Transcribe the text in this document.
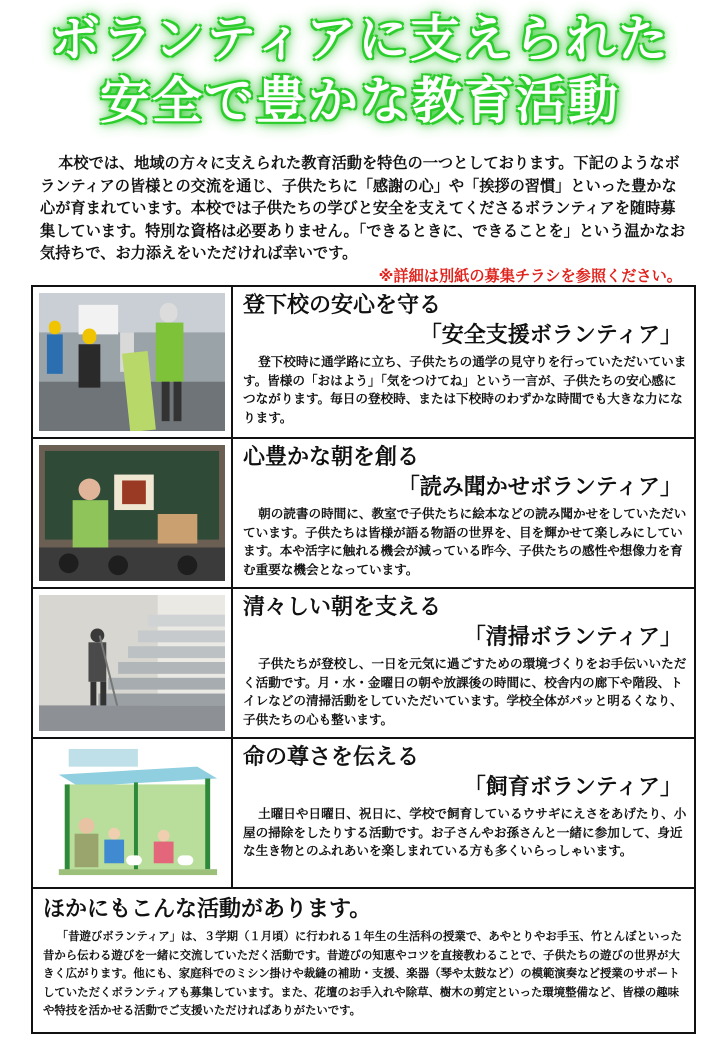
ボランティアに支えられた
安全で豊かな教育活動
本校では、地域の方々に支えられた教育活動を特色の一つとしております。下記のようなボランティアの皆様との交流を通じ、子供たちに「感謝の心」や「挨拶の習慣」といった豊かな心が育まれています。本校では子供たちの学びと安全を支えてくださるボランティアを随時募集しています。特別な資格は必要ありません。「できるときに、できることを」という温かなお気持ちで、お力添えをいただければ幸いです。
※詳細は別紙の募集チラシを参照ください。
登下校の安心を守る
「安全支援ボランティア」
登下校時に通学路に立ち、子供たちの通学の見守りを行っていただいています。皆様の「おはよう」「気をつけてね」という一言が、子供たちの安心感につながります。毎日の登校時、または下校時のわずかな時間でも大きな力になります。
心豊かな朝を創る
「読み聞かせボランティア」
朝の読書の時間に、教室で子供たちに絵本などの読み聞かせをしていただいています。子供たちは皆様が語る物語の世界を、目を輝かせて楽しみにしています。本や活字に触れる機会が減っている昨今、子供たちの感性や想像力を育む重要な機会となっています。
清々しい朝を支える
「清掃ボランティア」
子供たちが登校し、一日を元気に過ごすための環境づくりをお手伝いいただく活動です。月・水・金曜日の朝や放課後の時間に、校舎内の廊下や階段、トイレなどの清掃活動をしていただいています。学校全体がパッと明るくなり、子供たちの心も整います。
命の尊さを伝える
「飼育ボランティア」
土曜日や日曜日、祝日に、学校で飼育しているウサギにえさをあげたり、小屋の掃除をしたりする活動です。お子さんやお孫さんと一緒に参加して、身近な生き物とのふれあいを楽しまれている方も多くいらっしゃいます。
ほかにもこんな活動があります。
「昔遊びボランティア」は、３学期（１月頃）に行われる１年生の生活科の授業で、あやとりやお手玉、竹とんぼといった昔から伝わる遊びを一緒に交流していただく活動です。昔遊びの知恵やコツを直接教わることで、子供たちの遊びの世界が大きく広がります。他にも、家庭科でのミシン掛けや裁縫の補助・支援、楽器（琴や太鼓など）の模範演奏など授業のサポートしていただくボランティアも募集しています。また、花壇のお手入れや除草、樹木の剪定といった環境整備など、皆様の趣味や特技を活かせる活動でご支援いただければありがたいです。
